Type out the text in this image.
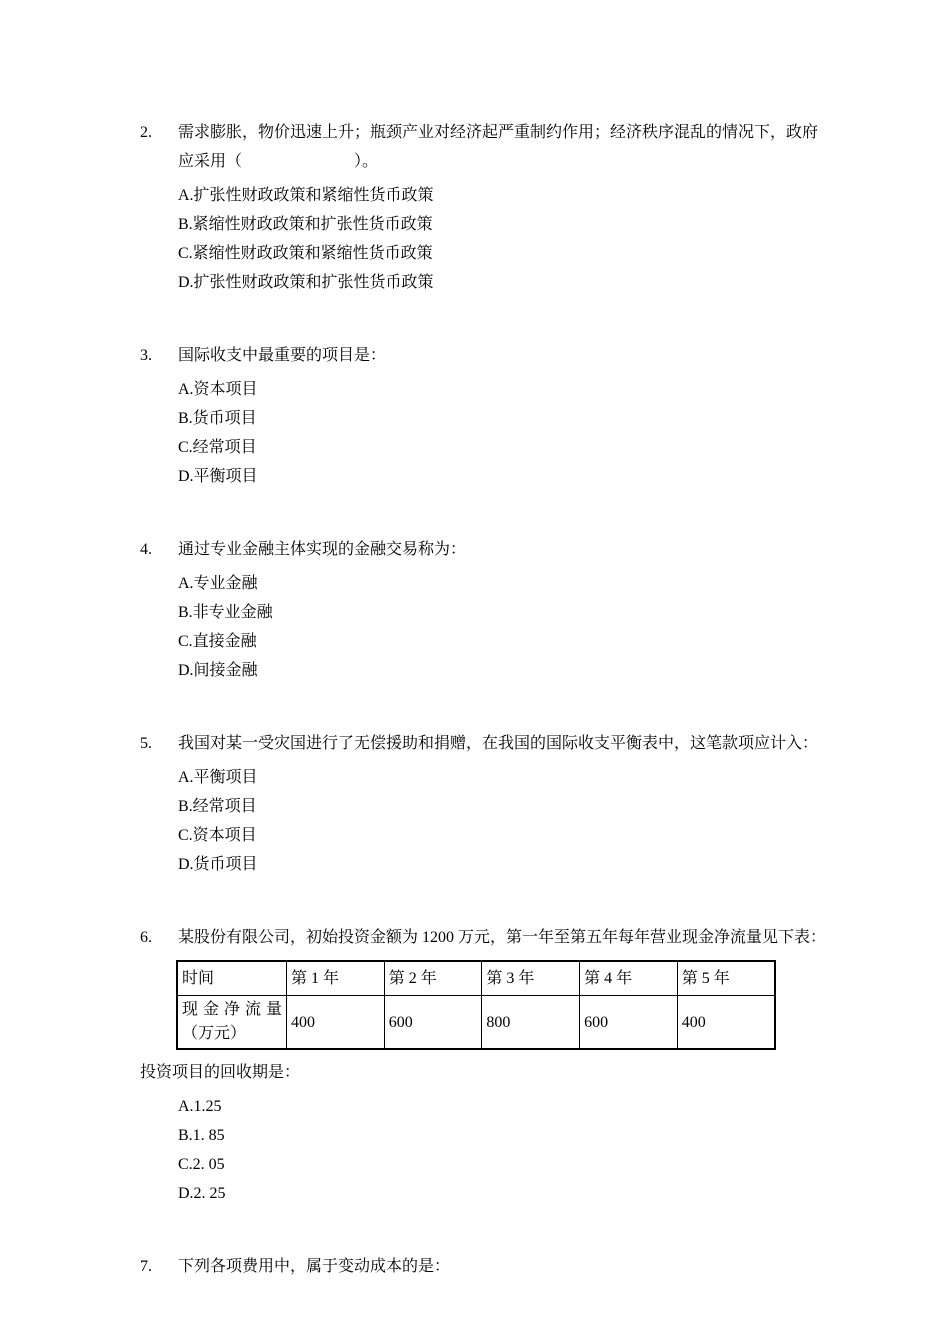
2.	需求膨胀，物价迅速上升；瓶颈产业对经济起严重制约作用；经济秩序混乱的情况下，政府应采用（　　　　　　　）。
A.扩张性财政政策和紧缩性货币政策
B.紧缩性财政政策和扩张性货币政策
C.紧缩性财政政策和紧缩性货币政策
D.扩张性财政政策和扩张性货币政策
3.	国际收支中最重要的项目是：
A.资本项目
B.货币项目
C.经常项目
D.平衡项目
4.	通过专业金融主体实现的金融交易称为：
A.专业金融
B.非专业金融
C.直接金融
D.间接金融
5.	我国对某一受灾国进行了无偿援助和捐赠，在我国的国际收支平衡表中，这笔款项应计入：
A.平衡项目
B.经常项目
C.资本项目
D.货币项目
6.	某股份有限公司，初始投资金额为 1200 万元，第一年至第五年每年营业现金净流量见下表：
时间	第 1 年	第 2 年	第 3 年	第 4 年	第 5 年
现金净流量（万元）	400	600	800	600	400
投资项目的回收期是：
A.1.25
B.1. 85
C.2. 05
D.2. 25
7.	下列各项费用中，属于变动成本的是：
